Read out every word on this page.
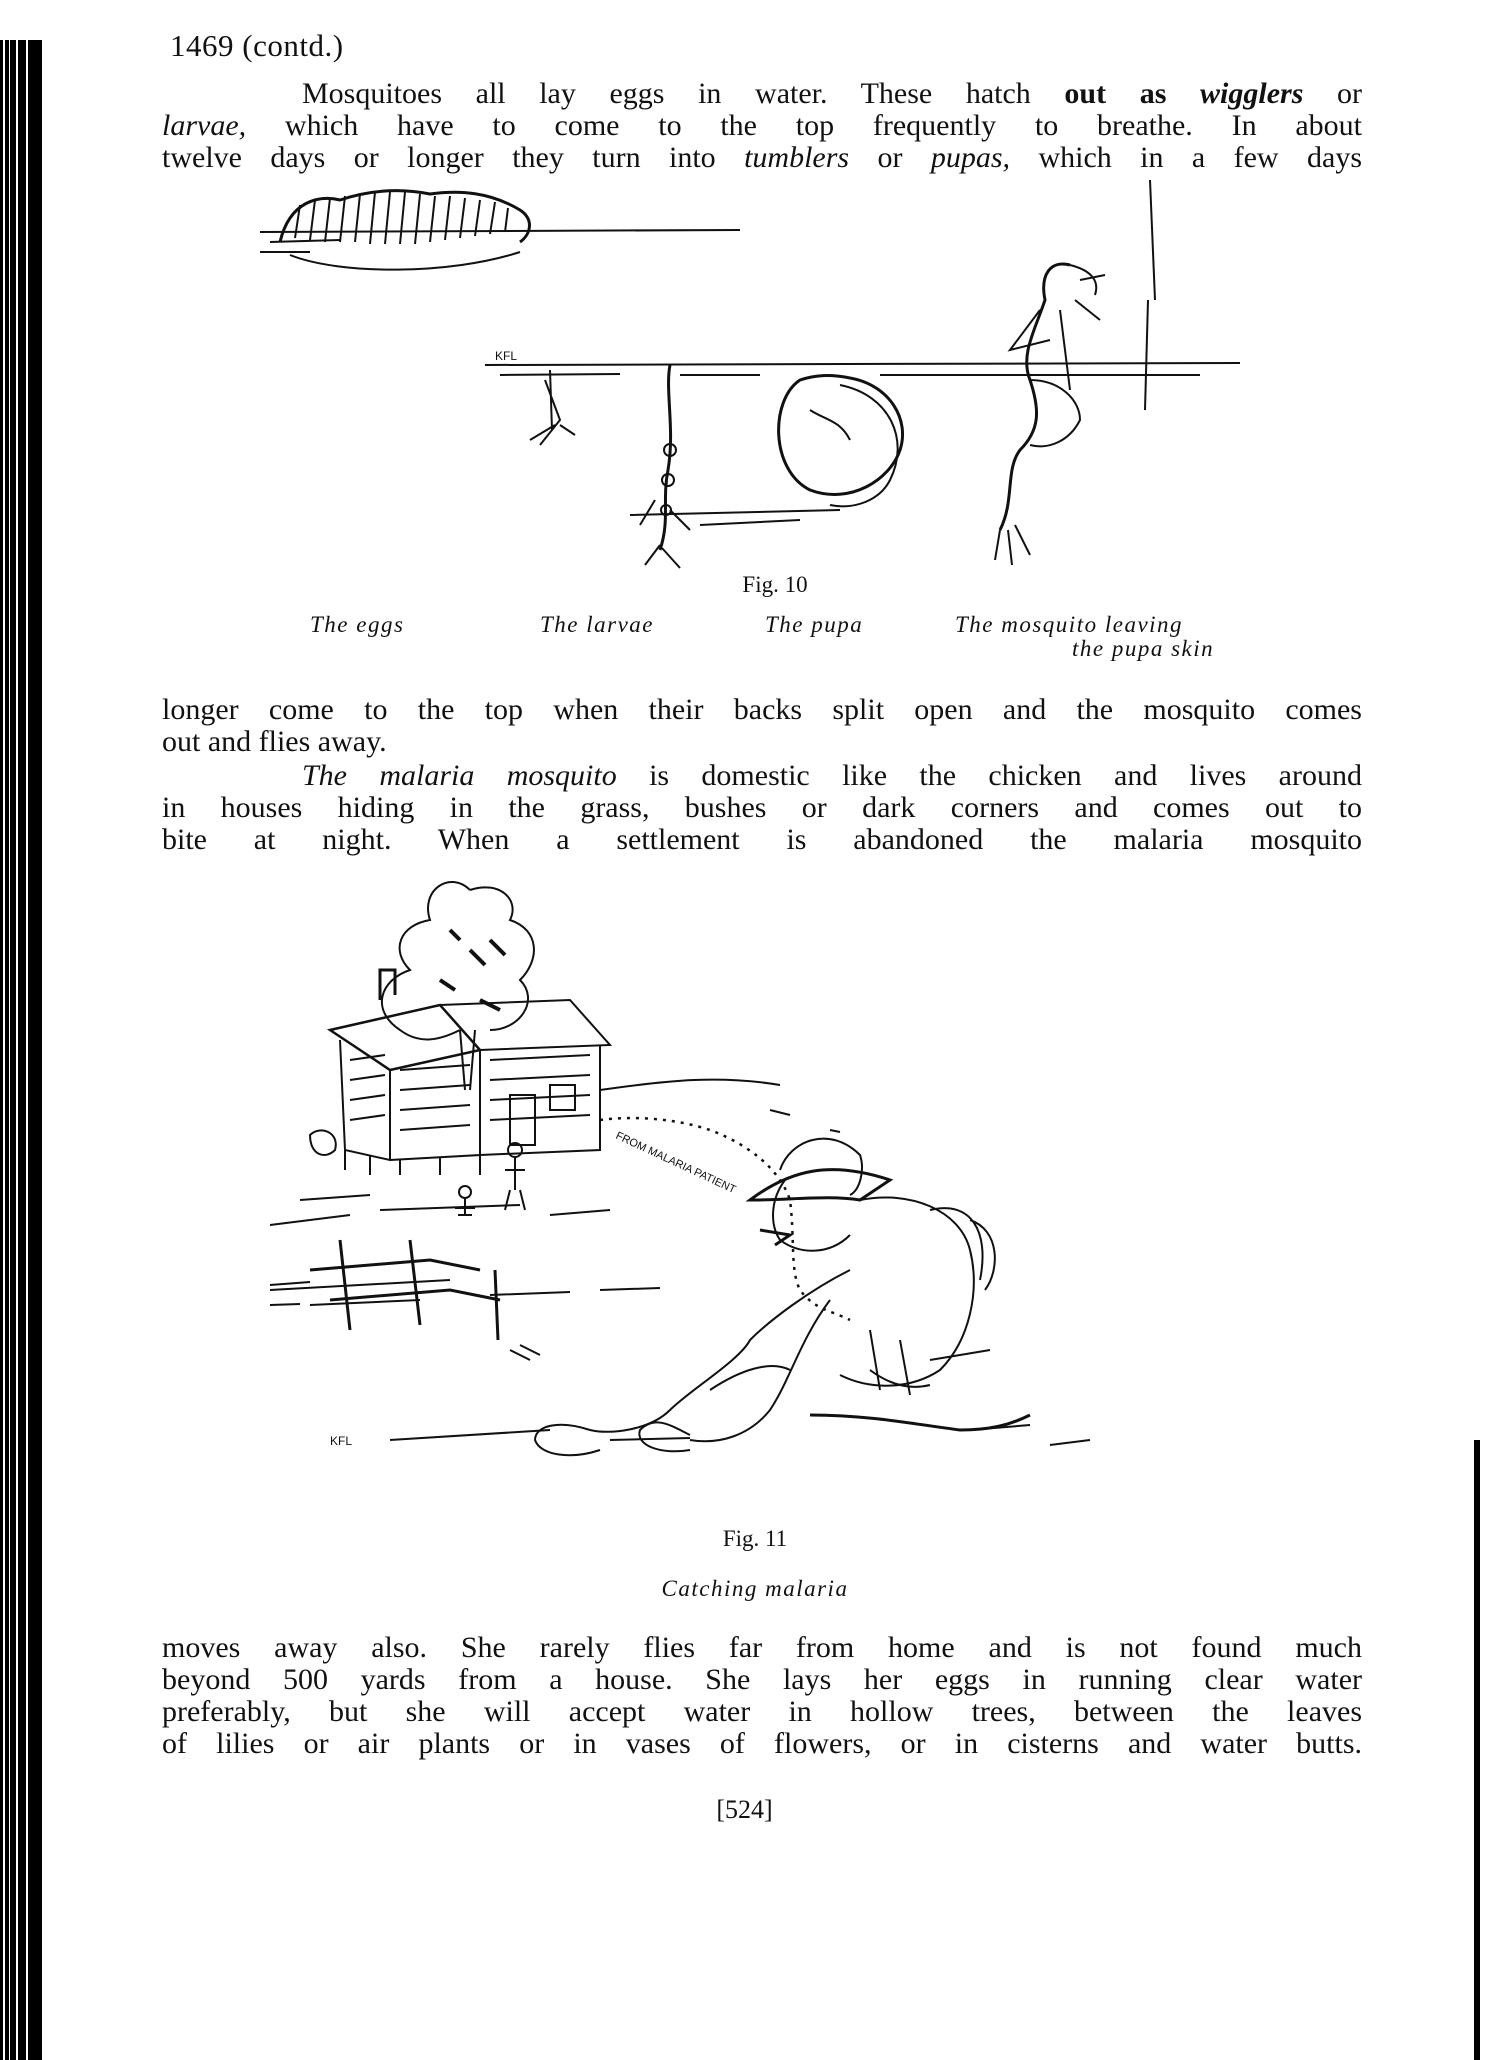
1469 (contd.)
Mosquitoes all lay eggs in water. These hatch out as wigglers or
larvae, which have to come to the top frequently to breathe. In about
twelve days or longer they turn into tumblers or pupas, which in a few days
KFL
Fig. 10
The eggs	The larvae	The pupa	The mosquito leaving
the pupa skin
longer come to the top when their backs split open and the mosquito comes
out and flies away.
The malaria mosquito is domestic like the chicken and lives around
in houses hiding in the grass, bushes or dark corners and comes out to
bite at night. When a settlement is abandoned the malaria mosquito
KFL
FROM MALARIA PATIENT
Fig. 11
Catching malaria
moves away also. She rarely flies far from home and is not found much
beyond 500 yards from a house. She lays her eggs in running clear water
preferably, but she will accept water in hollow trees, between the leaves
of lilies or air plants or in vases of flowers, or in cisterns and water butts.
[524]
